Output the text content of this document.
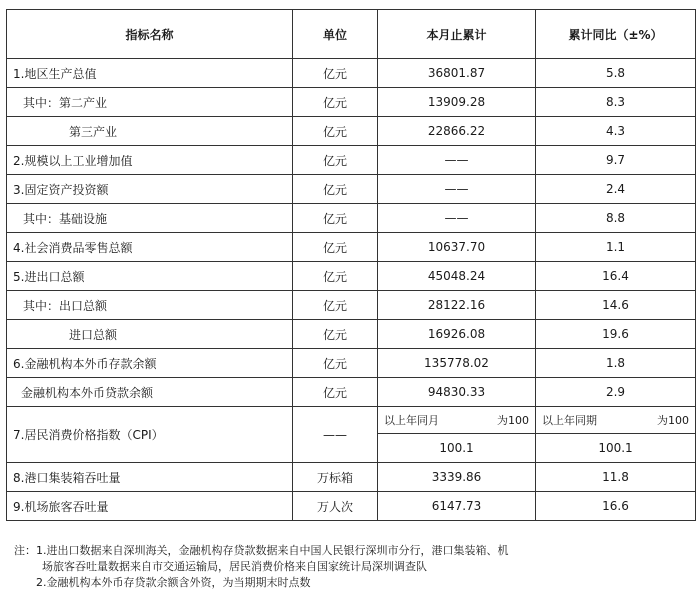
指标名称	单位	本月止累计	累计同比（±%）
1.地区生产总值	亿元	36801.87	5.8
其中：第二产业	亿元	13909.28	8.3
第三产业	亿元	22866.22	4.3
2.规模以上工业增加值	亿元	——	9.7
3.固定资产投资额	亿元	——	2.4
其中：基础设施	亿元	——	8.8
4.社会消费品零售总额	亿元	10637.70	1.1
5.进出口总额	亿元	45048.24	16.4
其中：出口总额	亿元	28122.16	14.6
进口总额	亿元	16926.08	19.6
6.金融机构本外币存款余额	亿元	135778.02	1.8
金融机构本外币贷款余额	亿元	94830.33	2.9
7.居民消费价格指数（CPI）	——	以上年同月 为100	以上年同期 为100

		100.1	100.1
8.港口集装箱吞吐量	万标箱	3339.86	11.8
9.机场旅客吞吐量	万人次	6147.73	16.6
注：1.进出口数据来自深圳海关，金融机构存贷款数据来自中国人民银行深圳市分行，港口集装箱、机
场旅客吞吐量数据来自市交通运输局，居民消费价格来自国家统计局深圳调查队
2.金融机构本外币存贷款余额含外资，为当期期末时点数
